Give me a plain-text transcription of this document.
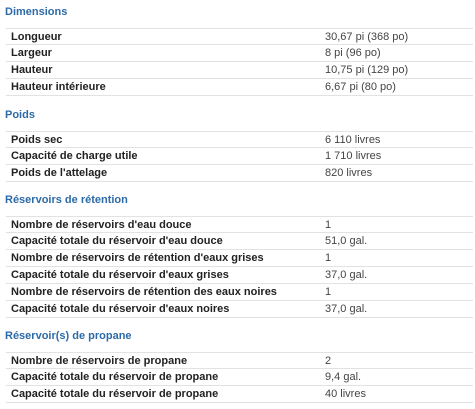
Dimensions
Longueur	30,67 pi (368 po)
Largeur	8 pi (96 po)
Hauteur	10,75 pi (129 po)
Hauteur intérieure	6,67 pi (80 po)
Poids
Poids sec	6 110 livres
Capacité de charge utile	1 710 livres
Poids de l'attelage	820 livres
Réservoirs de rétention
Nombre de réservoirs d'eau douce	1
Capacité totale du réservoir d'eau douce	51,0 gal.
Nombre de réservoirs de rétention d'eaux grises	1
Capacité totale du réservoir d'eaux grises	37,0 gal.
Nombre de réservoirs de rétention des eaux noires	1
Capacité totale du réservoir d'eaux noires	37,0 gal.
Réservoir(s) de propane
Nombre de réservoirs de propane	2
Capacité totale du réservoir de propane	9,4 gal.
Capacité totale du réservoir de propane	40 livres
